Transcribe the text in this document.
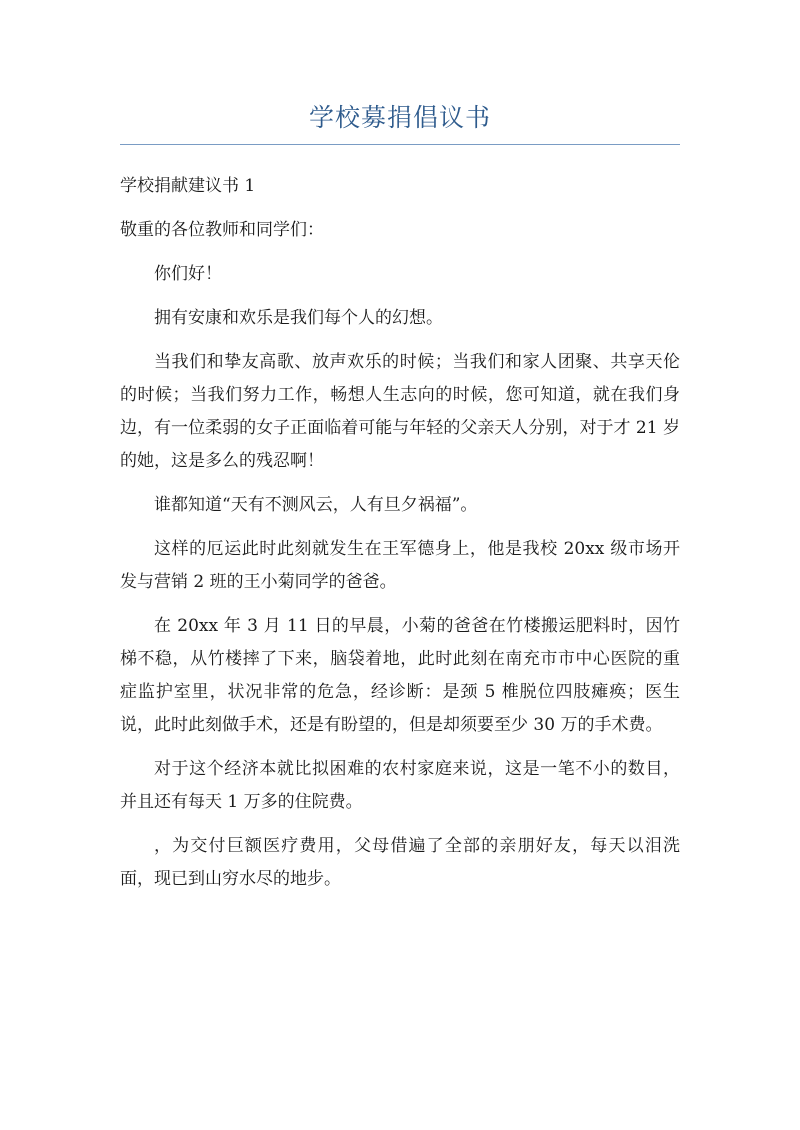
学校募捐倡议书

学校捐献建议书 1

敬重的各位教师和同学们：

你们好！

拥有安康和欢乐是我们每个人的幻想。

当我们和挚友高歌、放声欢乐的时候；当我们和家人团聚、共享天伦的时候；当我们努力工作，畅想人生志向的时候，您可知道，就在我们身边，有一位柔弱的女子正面临着可能与年轻的父亲天人分别，对于才 21 岁的她，这是多么的残忍啊！

谁都知道“天有不测风云，人有旦夕祸福”。

这样的厄运此时此刻就发生在王军德身上，他是我校 20xx 级市场开发与营销 2 班的王小菊同学的爸爸。

在 20xx 年 3 月 11 日的早晨，小菊的爸爸在竹楼搬运肥料时，因竹梯不稳，从竹楼摔了下来，脑袋着地，此时此刻在南充市市中心医院的重症监护室里，状况非常的危急，经诊断：是颈 5 椎脱位四肢瘫痪；医生说，此时此刻做手术，还是有盼望的，但是却须要至少 30 万的手术费。

对于这个经济本就比拟困难的农村家庭来说，这是一笔不小的数目，并且还有每天 1 万多的住院费。

，为交付巨额医疗费用，父母借遍了全部的亲朋好友，每天以泪洗面，现已到山穷水尽的地步。
